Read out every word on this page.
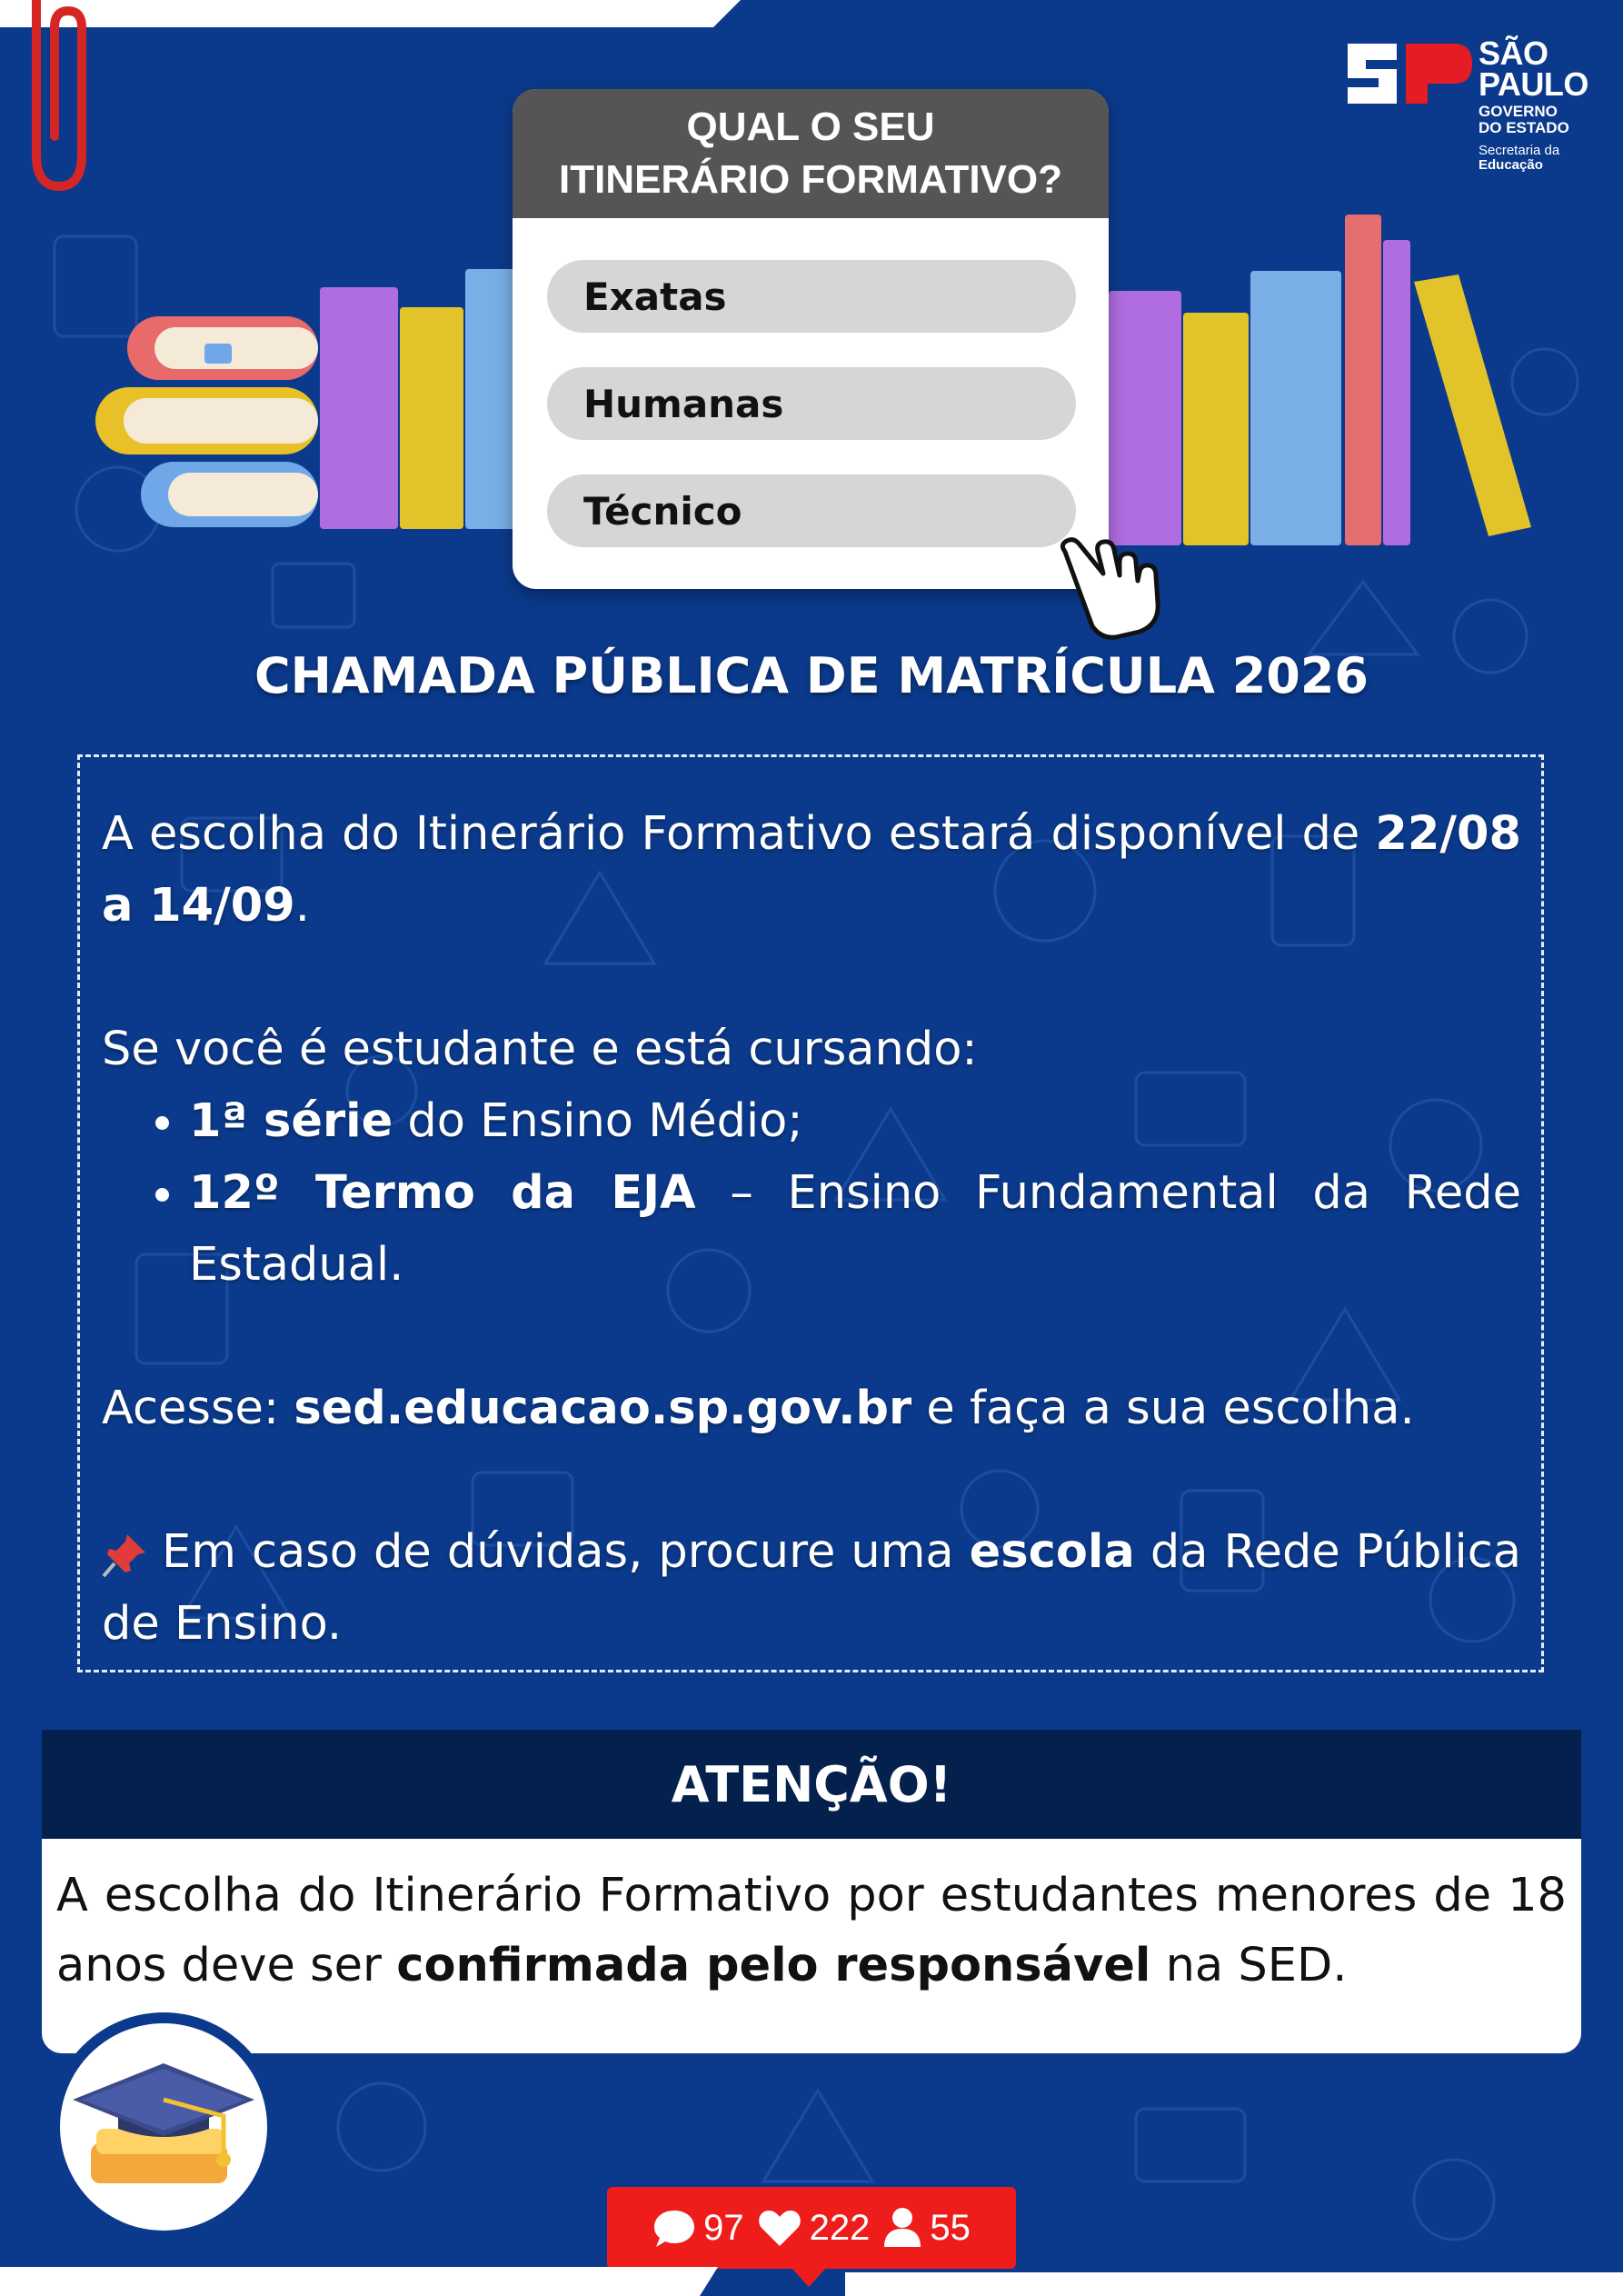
SÃO
PAULO
GOVERNO
DO ESTADO
Secretaria da
Educação
QUAL O SEU
ITINERÁRIO FORMATIVO?
Exatas
Humanas
Técnico
CHAMADA PÚBLICA DE MATRÍCULA 2026

A escolha do Itinerário Formativo estará disponível de 22/08 a 14/09.

Se você é estudante e está cursando:

• 1ª série do Ensino Médio;
• 12º Termo da EJA – Ensino Fundamental da Rede Estadual.

Acesse: sed.educacao.sp.gov.br e faça a sua escolha.

Em caso de dúvidas, procure uma escola da Rede Pública de Ensino.

ATENÇÃO!
A escolha do Itinerário Formativo por estudantes menores de 18 anos deve ser confirmada pelo responsável na SED.
97 222 55
